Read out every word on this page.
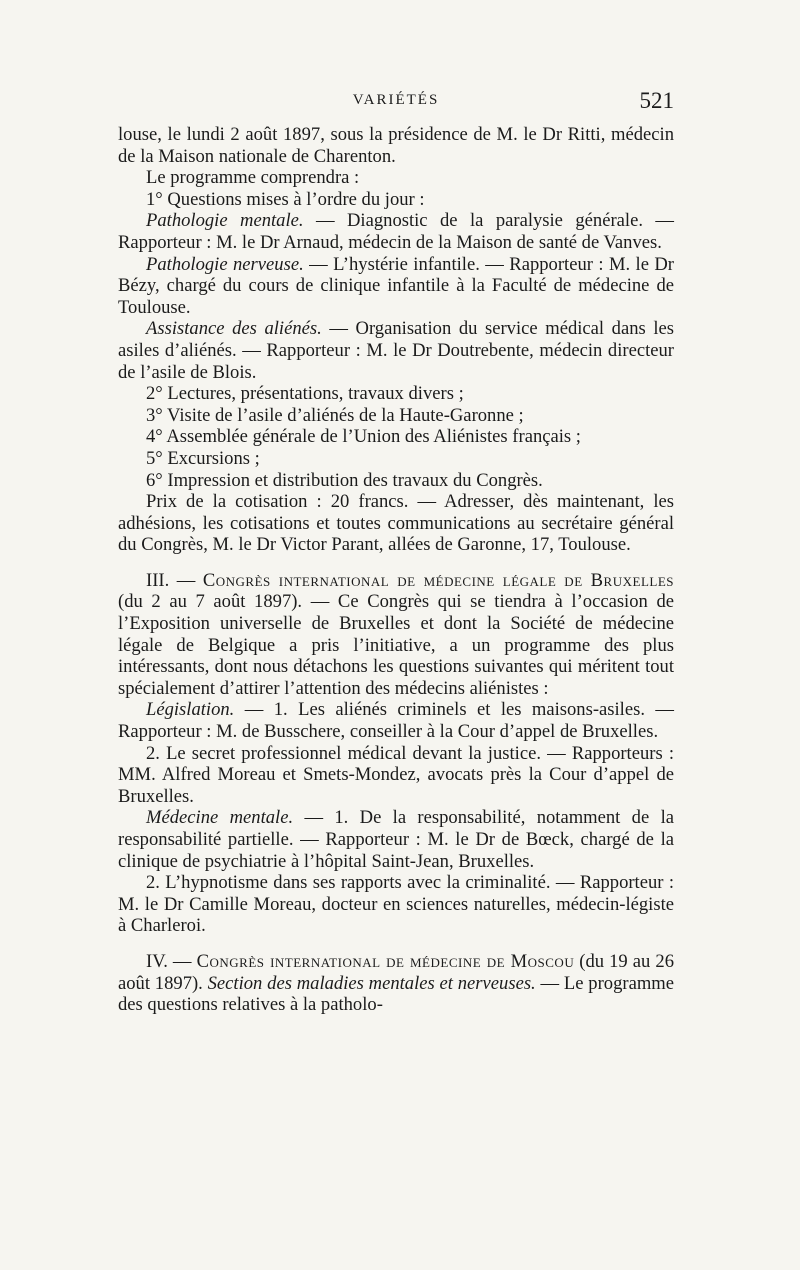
VARIÉTÉS	521

louse, le lundi 2 août 1897, sous la présidence de M. le Dr Ritti, médecin de la Maison nationale de Charenton.

Le programme comprendra :

1° Questions mises à l’ordre du jour :

Pathologie mentale. — Diagnostic de la paralysie générale. — Rapporteur : M. le Dr Arnaud, médecin de la Maison de santé de Vanves.

Pathologie nerveuse. — L’hystérie infantile. — Rapporteur : M. le Dr Bézy, chargé du cours de clinique infantile à la Faculté de médecine de Toulouse.

Assistance des aliénés. — Organisation du service médical dans les asiles d’aliénés. — Rapporteur : M. le Dr Doutrebente, médecin directeur de l’asile de Blois.

2° Lectures, présentations, travaux divers ;

3° Visite de l’asile d’aliénés de la Haute-Garonne ;

4° Assemblée générale de l’Union des Aliénistes français ;

5° Excursions ;

6° Impression et distribution des travaux du Congrès.

Prix de la cotisation : 20 francs. — Adresser, dès maintenant, les adhésions, les cotisations et toutes communications au secrétaire général du Congrès, M. le Dr Victor Parant, allées de Garonne, 17, Toulouse.

III. — Congrès international de médecine légale de Bruxelles (du 2 au 7 août 1897). — Ce Congrès qui se tiendra à l’occasion de l’Exposition universelle de Bruxelles et dont la Société de médecine légale de Belgique a pris l’initiative, a un programme des plus intéressants, dont nous détachons les questions suivantes qui méritent tout spécialement d’attirer l’attention des médecins aliénistes :

Législation. — 1. Les aliénés criminels et les maisons-asiles. — Rapporteur : M. de Busschere, conseiller à la Cour d’appel de Bruxelles.

2. Le secret professionnel médical devant la justice. — Rapporteurs : MM. Alfred Moreau et Smets-Mondez, avocats près la Cour d’appel de Bruxelles.

Médecine mentale. — 1. De la responsabilité, notamment de la responsabilité partielle. — Rapporteur : M. le Dr de Bœck, chargé de la clinique de psychiatrie à l’hôpital Saint-Jean, Bruxelles.

2. L’hypnotisme dans ses rapports avec la criminalité. — Rapporteur : M. le Dr Camille Moreau, docteur en sciences naturelles, médecin-légiste à Charleroi.

IV. — Congrès international de médecine de Moscou (du 19 au 26 août 1897). Section des maladies mentales et nerveuses. — Le programme des questions relatives à la patholo-
